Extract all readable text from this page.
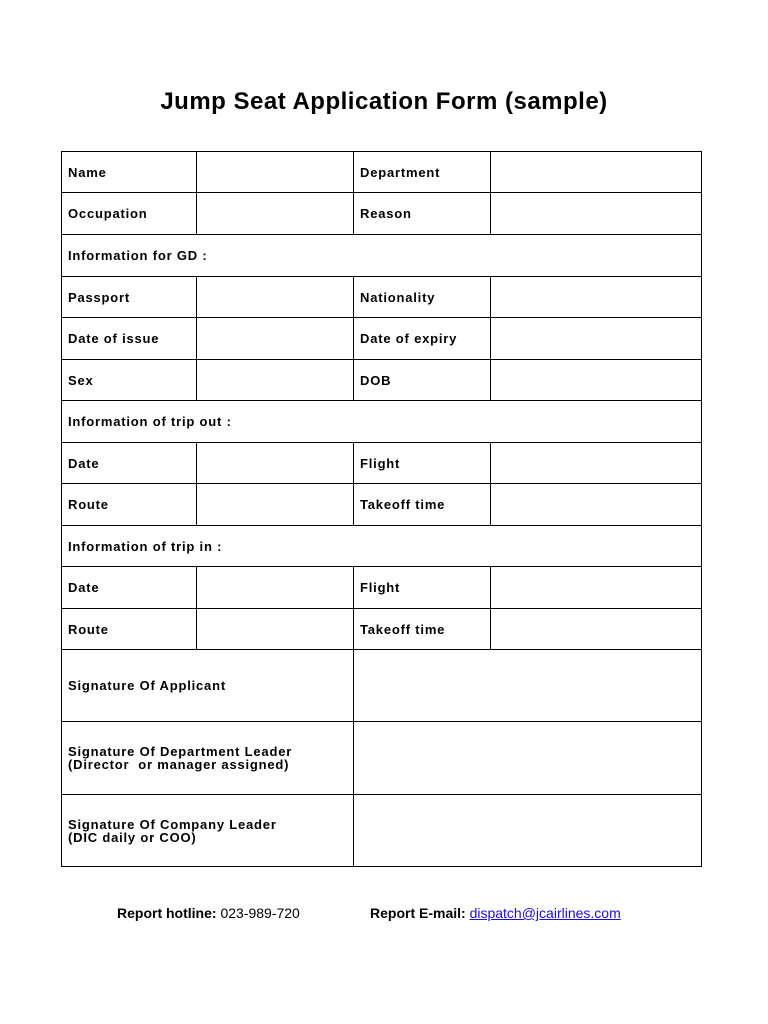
Jump Seat Application Form (sample)
Name		Department	
Occupation		Reason	
Information for GD :			
Passport		Nationality	
Date of issue		Date of expiry	
Sex		DOB	
Information of trip out :			
Date		Flight	
Route		Takeoff time	
Information of trip in :			
Date		Flight	
Route		Takeoff time	
Signature Of Applicant			

Signature Of Department Leader
(Director  or manager assigned)			

Signature Of Company Leader
(DIC daily or COO)			

Report hotline: 023-989-720	Report E-mail: dispatch@jcairlines.com
